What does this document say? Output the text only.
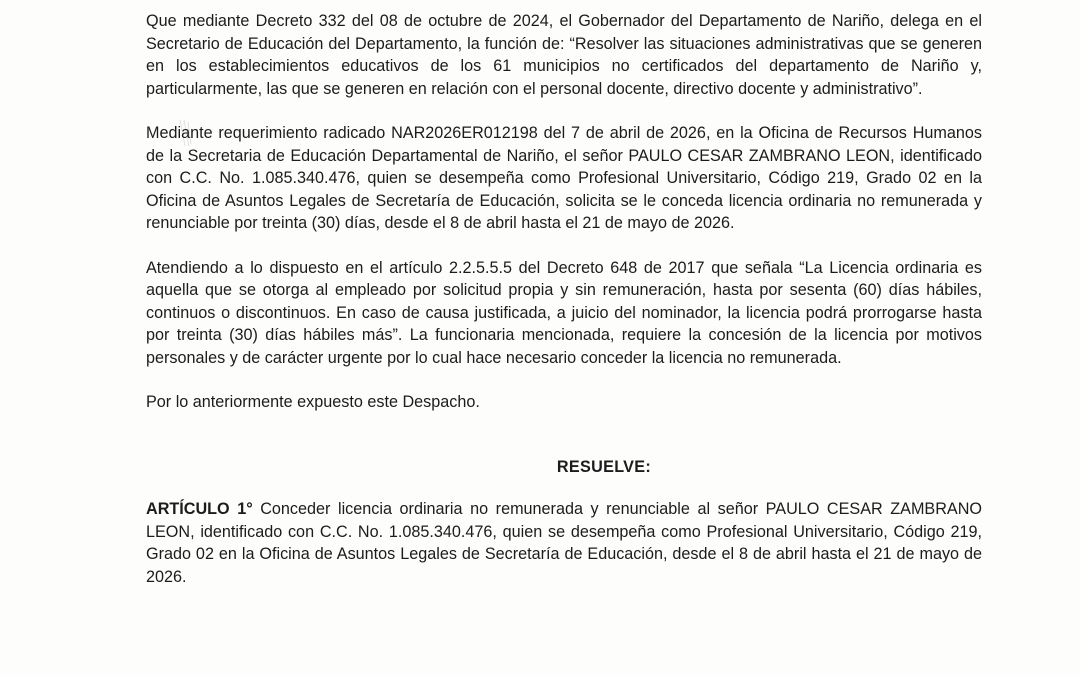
Que mediante Decreto 332 del 08 de octubre de 2024, el Gobernador del Departamento de Nariño, delega en el Secretario de Educación del Departamento, la función de: “Resolver las situaciones administrativas que se generen en los establecimientos educativos de los 61 municipios no certificados del departamento de Nariño y, particularmente, las que se generen en relación con el personal docente, directivo docente y administrativo”.

Mediante requerimiento radicado NAR2026ER012198 del 7 de abril de 2026, en la Oficina de Recursos Humanos de la Secretaria de Educación Departamental de Nariño, el señor PAULO CESAR ZAMBRANO LEON, identificado con C.C. No. 1.085.340.476, quien se desempeña como Profesional Universitario, Código 219, Grado 02 en la Oficina de Asuntos Legales de Secretaría de Educación, solicita se le conceda licencia ordinaria no remunerada y renunciable por treinta (30) días, desde el 8 de abril hasta el 21 de mayo de 2026.

Atendiendo a lo dispuesto en el artículo 2.2.5.5.5 del Decreto 648 de 2017 que señala “La Licencia ordinaria es aquella que se otorga al empleado por solicitud propia y sin remuneración, hasta por sesenta (60) días hábiles, continuos o discontinuos. En caso de causa justificada, a juicio del nominador, la licencia podrá prorrogarse hasta por treinta (30) días hábiles más”. La funcionaria mencionada, requiere la concesión de la licencia por motivos personales y de carácter urgente por lo cual hace necesario conceder la licencia no remunerada.

Por lo anteriormente expuesto este Despacho.

RESUELVE:

ARTÍCULO 1° Conceder licencia ordinaria no remunerada y renunciable al señor PAULO CESAR ZAMBRANO LEON, identificado con C.C. No. 1.085.340.476, quien se desempeña como Profesional Universitario, Código 219, Grado 02 en la Oficina de Asuntos Legales de Secretaría de Educación, desde el 8 de abril hasta el 21 de mayo de 2026.
